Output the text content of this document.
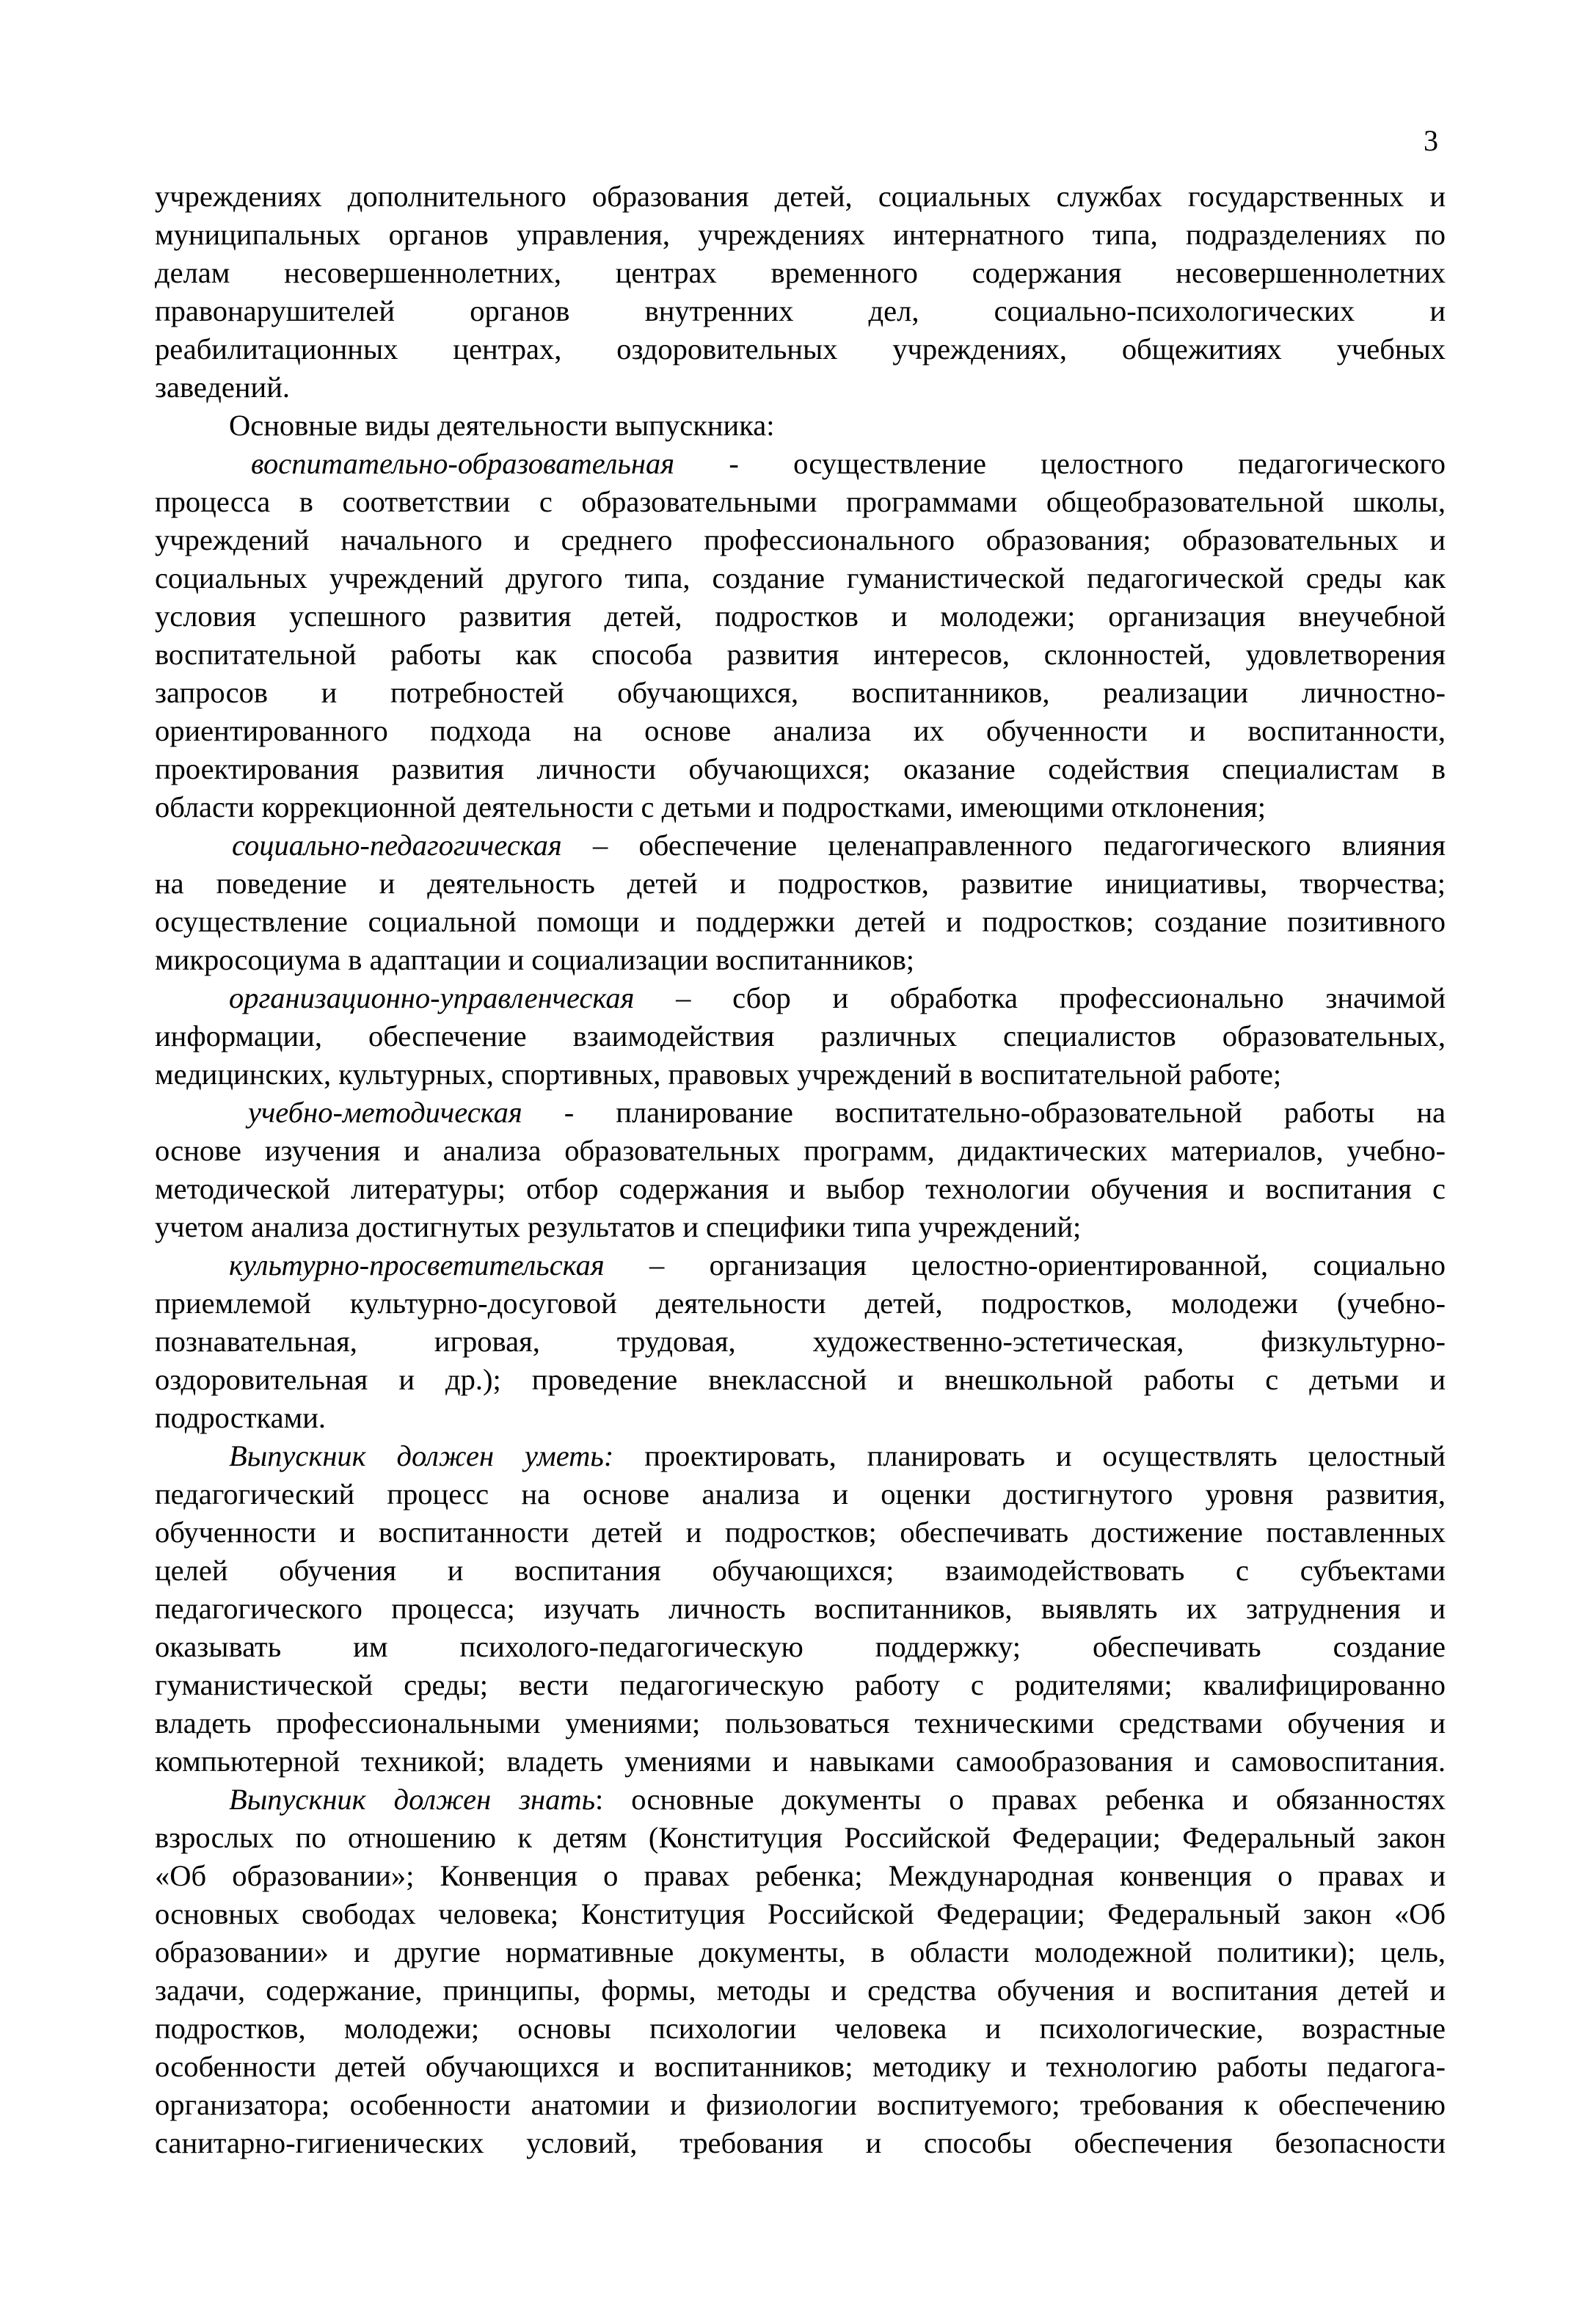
3
учреждениях дополнительного образования детей, социальных службах государственных и
муниципальных органов управления, учреждениях интернатного типа, подразделениях по
делам несовершеннолетних, центрах временного содержания несовершеннолетних
правонарушителей органов внутренних дел, социально-психологических и
реабилитационных центрах, оздоровительных учреждениях, общежитиях учебных
заведений.
Основные виды деятельности выпускника:
воспитательно-образовательная - осуществление целостного педагогического
процесса в соответствии с образовательными программами общеобразовательной школы,
учреждений начального и среднего профессионального образования; образовательных и
социальных учреждений другого типа, создание гуманистической педагогической среды как
условия успешного развития детей, подростков и молодежи; организация внеучебной
воспитательной работы как способа развития интересов, склонностей, удовлетворения
запросов и потребностей обучающихся, воспитанников, реализации личностно-
ориентированного подхода на основе анализа их обученности и воспитанности,
проектирования развития личности обучающихся; оказание содействия специалистам в
области коррекционной деятельности с детьми и подростками, имеющими отклонения;
социально-педагогическая – обеспечение целенаправленного педагогического влияния
на поведение и деятельность детей и подростков, развитие инициативы, творчества;
осуществление социальной помощи и поддержки детей и подростков; создание позитивного
микросоциума в адаптации и социализации воспитанников;
организационно-управленческая – сбор и обработка профессионально значимой
информации, обеспечение взаимодействия различных специалистов образовательных,
медицинских, культурных, спортивных, правовых учреждений в воспитательной работе;
учебно-методическая - планирование воспитательно-образовательной работы на
основе изучения и анализа образовательных программ, дидактических материалов, учебно-
методической литературы; отбор содержания и выбор технологии обучения и воспитания с
учетом анализа достигнутых результатов и специфики типа учреждений;
культурно-просветительская – организация целостно-ориентированной, социально
приемлемой культурно-досуговой деятельности детей, подростков, молодежи (учебно-
познавательная, игровая, трудовая, художественно-эстетическая, физкультурно-
оздоровительная и др.); проведение внеклассной и внешкольной работы с детьми и
подростками.
Выпускник должен уметь: проектировать, планировать и осуществлять целостный
педагогический процесс на основе анализа и оценки достигнутого уровня развития,
обученности и воспитанности детей и подростков; обеспечивать достижение поставленных
целей обучения и воспитания обучающихся; взаимодействовать с субъектами
педагогического процесса; изучать личность воспитанников, выявлять их затруднения и
оказывать им психолого-педагогическую поддержку; обеспечивать создание
гуманистической среды; вести педагогическую работу с родителями; квалифицированно
владеть профессиональными умениями; пользоваться техническими средствами обучения и
компьютерной техникой; владеть умениями и навыками самообразования и самовоспитания.
Выпускник должен знать: основные документы о правах ребенка и обязанностях
взрослых по отношению к детям (Конституция Российской Федерации; Федеральный закон
«Об образовании»; Конвенция о правах ребенка; Международная конвенция о правах и
основных свободах человека; Конституция Российской Федерации; Федеральный закон «Об
образовании» и другие нормативные документы, в области молодежной политики); цель,
задачи, содержание, принципы, формы, методы и средства обучения и воспитания детей и
подростков, молодежи; основы психологии человека и психологические, возрастные
особенности детей обучающихся и воспитанников; методику и технологию работы педагога-
организатора; особенности анатомии и физиологии воспитуемого; требования к обеспечению
санитарно-гигиенических условий, требования и способы обеспечения безопасности
